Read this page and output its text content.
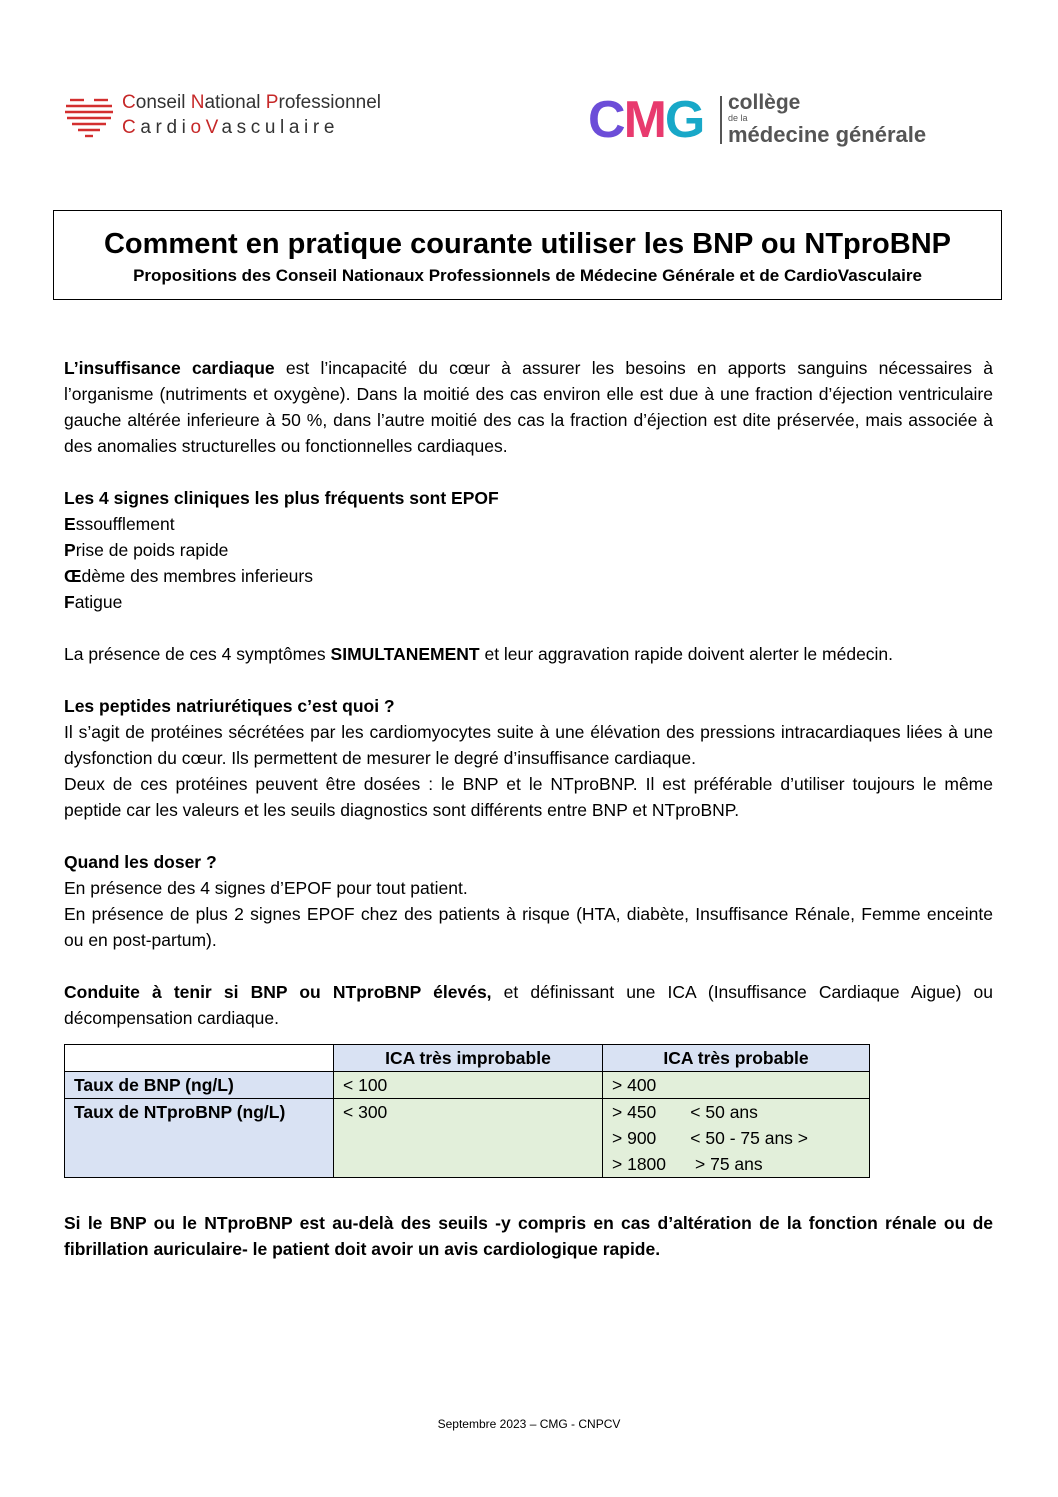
Conseil National Professionnel
CardioVasculaire	CMG collège
de la
médecine générale
Comment en pratique courante utiliser les BNP ou NTproBNP
Propositions des Conseil Nationaux Professionnels de Médecine Générale et de CardioVasculaire

L’insuffisance cardiaque est l’incapacité du cœur à assurer les besoins en apports sanguins nécessaires à l’organisme (nutriments et oxygène). Dans la moitié des cas environ elle est due à une fraction d’éjection ventriculaire gauche altérée inferieure à 50 %, dans l’autre moitié des cas la fraction d’éjection est dite préservée, mais associée à des anomalies structurelles ou fonctionnelles cardiaques.

Les 4 signes cliniques les plus fréquents sont EPOF

Essoufflement

Prise de poids rapide

Œdème des membres inferieurs

Fatigue

La présence de ces 4 symptômes SIMULTANEMENT et leur aggravation rapide doivent alerter le médecin.

Les peptides natriurétiques c’est quoi ?

Il s’agit de protéines sécrétées par les cardiomyocytes suite à une élévation des pressions intracardiaques liées à une dysfonction du cœur. Ils permettent de mesurer le degré d’insuffisance cardiaque.

Deux de ces protéines peuvent être dosées : le BNP et le NTproBNP. Il est préférable d’utiliser toujours le même peptide car les valeurs et les seuils diagnostics sont différents entre BNP et NTproBNP.

Quand les doser ?

En présence des 4 signes d’EPOF pour tout patient.

En présence de plus 2 signes EPOF chez des patients à risque (HTA, diabète, Insuffisance Rénale, Femme enceinte ou en post-partum).

Conduite à tenir si BNP ou NTproBNP élevés, et définissant une ICA (Insuffisance Cardiaque Aigue) ou décompensation cardiaque.

	ICA très improbable	ICA très probable
Taux de BNP (ng/L)	< 100	> 400
Taux de NTproBNP (ng/L)	< 300	> 450 < 50 ans
> 900 < 50 - 75 ans >
> 1800 > 75 ans

Si le BNP ou le NTproBNP est au-delà des seuils -y compris en cas d’altération de la fonction rénale ou de fibrillation auriculaire- le patient doit avoir un avis cardiologique rapide.

Septembre 2023 – CMG - CNPCV
